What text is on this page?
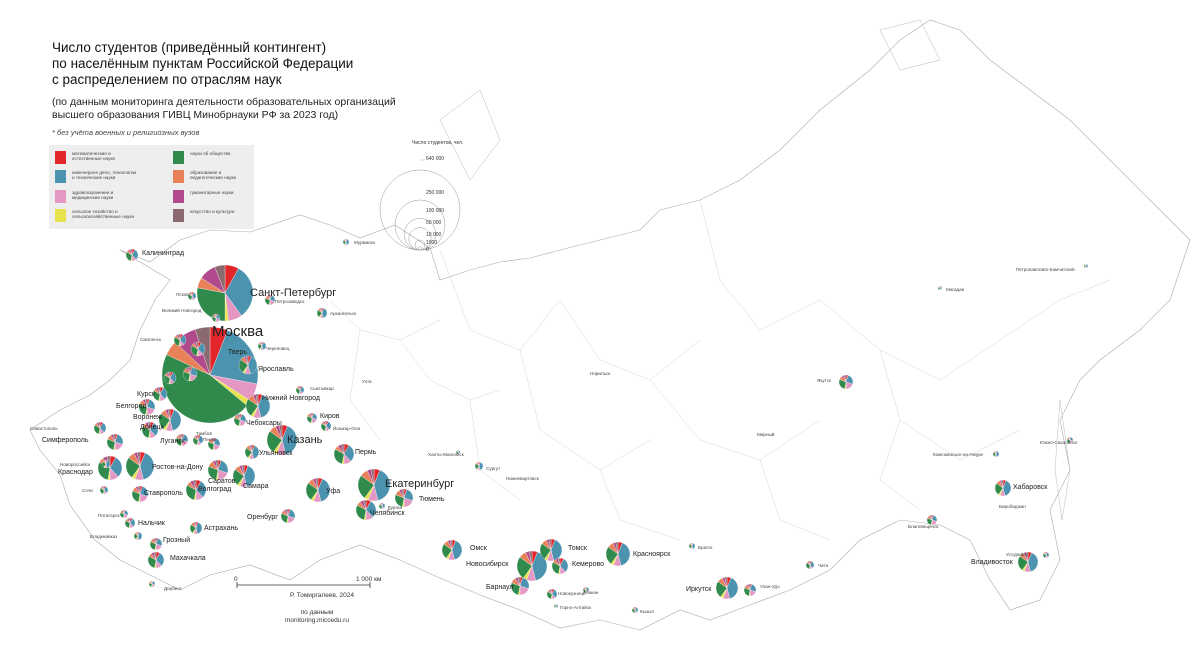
Число студентов (приведённый контингент)
по населённым пунктам Российской Федерации
с распределением по отраслям наук
(по данным мониторинга деятельности образовательных организаций
высшего образования ГИВЦ Минобрнауки РФ за 2023 год)
* без учёта военных и религиозных вузов
математические и естественные науки
инженерное дело, технологии и технические науки
здравоохранение и медицинские науки
сельское хозяйство и сельскохозяйственные науки
науки об обществе
образование и педагогические науки
гуманитарные науки
искусство и культура
Число студентов, чел.
640 000
250 000
100 000
50 000
10 000
1000
0
0	1 000 км
Р. Томиргалеев, 2024
по данным
monitoring.miccedu.ru
Москва
Санкт-Петербург
Калининград
Мурманск
Петрозаводск
Архангельск
Псков
Великий Новгород
Смоленск
Тверь
Ярославль
Нижний Новгород
Киров
Сыктывкар
Курск
Белгород
Воронеж
Донецк
Луганск
Севастополь
Симферополь
Краснодар
Ростов-на-Дону
Ставрополь
Нальчик
Владикавказ
Грозный
Махачкала
Астрахань
Волгоград
Саратов
Самара
Пенза
Тамбов
Казань
Йошкар-Ола
Чебоксары
Ульяновск	Пермь
Уфа
Оренбург
Екатеринбург
Челябинск
Тюмень
Курган
Омск
Новосибирск
Томск
Кемерово
Барнаул
Новокузнецк
Красноярск
Иркутск	Улан-Удэ
Чита
Благовещенск
Хабаровск
Владивосток
Якутск
Сургут
Ханты-Мансийск
Нижневартовск
Магадан
Петропавловск-Камчатский
Южно-Сахалинск
Комсомольск-на-Амуре
Уссурийск
Биробиджан
Ухта
Норильск
Мирный
Абакан
Кызыл
Горно-Алтайск
Братск
Дербент
Сочи
Новороссийск
Пятигорск
Череповец
